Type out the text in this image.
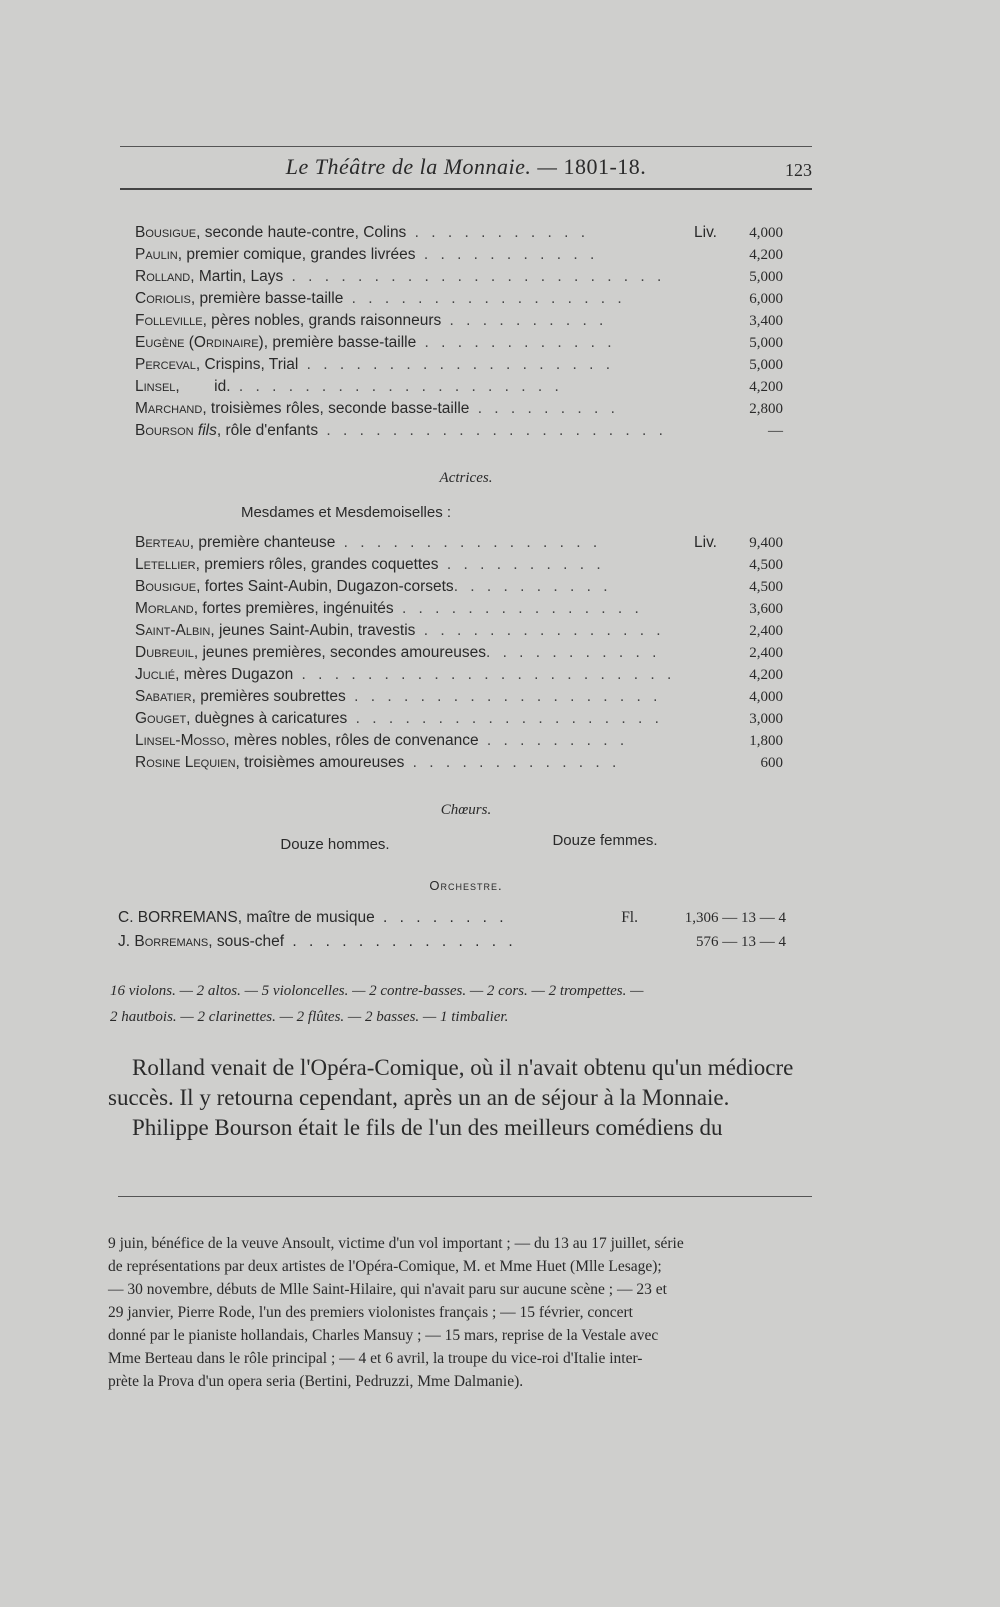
Le Théâtre de la Monnaie. — 1801-18.	123
Bousigue, seconde haute-contre, Colins . . . . . . . . . . .	Liv.	4,000
Paulin, premier comique, grandes livrées . . . . . . . . . . .	4,200
Rolland, Martin, Lays . . . . . . . . . . . . . . . . . . . . . . .	5,000
Coriolis, première basse-taille . . . . . . . . . . . . . . . . .	6,000
Folleville, pères nobles, grands raisonneurs . . . . . . . . . .	3,400
Eugène (Ordinaire), première basse-taille . . . . . . . . . . . .	5,000
Perceval, Crispins, Trial . . . . . . . . . . . . . . . . . . .	5,000
Linsel,        id. . . . . . . . . . . . . . . . . . . . .	4,200
Marchand, troisièmes rôles, seconde basse-taille . . . . . . . . .	2,800
Bourson fils, rôle d'enfants . . . . . . . . . . . . . . . . . . . . .	—
Actrices.
Mesdames et Mesdemoiselles :
Berteau, première chanteuse . . . . . . . . . . . . . . . .	Liv.	9,400
Letellier, premiers rôles, grandes coquettes . . . . . . . . . .	4,500
Bousigue, fortes Saint-Aubin, Dugazon-corsets. . . . . . . . . .	4,500
Morland, fortes premières, ingénuités . . . . . . . . . . . . . . .	3,600
Saint-Albin, jeunes Saint-Aubin, travestis . . . . . . . . . . . . . . .	2,400
Dubreuil, jeunes premières, secondes amoureuses. . . . . . . . . . .	2,400
Juclié, mères Dugazon . . . . . . . . . . . . . . . . . . . . . . .	4,200
Sabatier, premières soubrettes . . . . . . . . . . . . . . . . . . .	4,000
Gouget, duègnes à caricatures . . . . . . . . . . . . . . . . . . .	3,000
Linsel-Mosso, mères nobles, rôles de convenance . . . . . . . . .	1,800
Rosine Lequien, troisièmes amoureuses . . . . . . . . . . . . .	600
Chœurs.
Douze hommes.	Douze femmes.
Orchestre.
C. BORREMANS, maître de musique . . . . . . . .	Fl.	1,306 — 13 — 4
J. Borremans, sous-chef . . . . . . . . . . . . . .	576 — 13 — 4
16 violons. — 2 altos. — 5 violoncelles. — 2 contre-basses. — 2 cors. — 2 trompettes. —
2 hautbois. — 2 clarinettes. — 2 flûtes. — 2 basses. — 1 timbalier.

Rolland venait de l'Opéra-Comique, où il n'avait obtenu qu'un médiocre succès. Il y retourna cependant, après un an de séjour à la Monnaie.

Philippe Bourson était le fils de l'un des meilleurs comédiens du

9 juin, bénéfice de la veuve Ansoult, victime d'un vol important ; — du 13 au 17 juillet, série
de représentations par deux artistes de l'Opéra-Comique, M. et Mme Huet (Mlle Lesage);
— 30 novembre, débuts de Mlle Saint-Hilaire, qui n'avait paru sur aucune scène ; — 23 et
29 janvier, Pierre Rode, l'un des premiers violonistes français ; — 15 février, concert
donné par le pianiste hollandais, Charles Mansuy ; — 15 mars, reprise de la Vestale avec
Mme Berteau dans le rôle principal ; — 4 et 6 avril, la troupe du vice-roi d'Italie inter-
prète la Prova d'un opera seria (Bertini, Pedruzzi, Mme Dalmanie).
